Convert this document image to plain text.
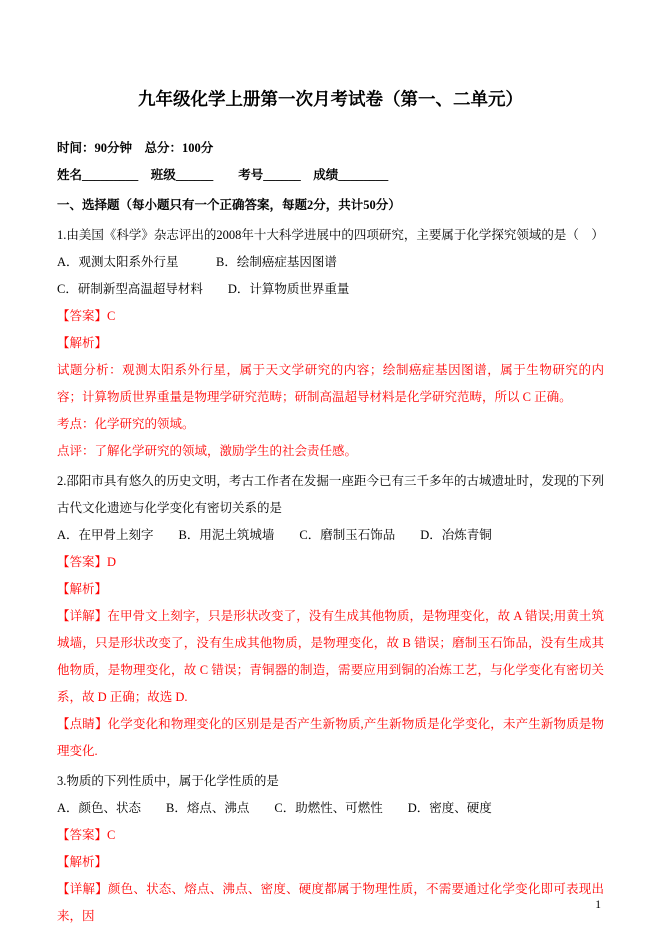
九年级化学上册第一次月考试卷（第一、二单元）

时间：90分钟　总分：100分

姓名_________　班级______　　考号______　成绩________

一、选择题（每小题只有一个正确答案，每题2分，共计50分）

1.由美国《科学》杂志评出的2008年十大科学进展中的四项研究，主要属于化学探究领域的是（　）

A．观测太阳系外行星　　　B．绘制癌症基因图谱

C．研制新型高温超导材料　　D．计算物质世界重量

【答案】C

【解析】

试题分析：观测太阳系外行星，属于天文学研究的内容；绘制癌症基因图谱，属于生物研究的内容；计算物质世界重量是物理学研究范畴；研制高温超导材料是化学研究范畴，所以 C 正确。

考点：化学研究的领域。

点评：了解化学研究的领域，激励学生的社会责任感。

2.邵阳市具有悠久的历史文明，考古工作者在发掘一座距今已有三千多年的古城遗址时，发现的下列古代文化遗迹与化学变化有密切关系的是

A．在甲骨上刻字　　B．用泥土筑城墙　　C．磨制玉石饰品　　D．冶炼青铜

【答案】D

【解析】

【详解】在甲骨文上刻字，只是形状改变了，没有生成其他物质，是物理变化，故 A 错误;用黄土筑城墙，只是形状改变了，没有生成其他物质，是物理变化，故 B 错误；磨制玉石饰品，没有生成其他物质，是物理变化，故 C 错误；青铜器的制造，需要应用到铜的冶炼工艺，与化学变化有密切关系，故 D 正确；故选 D.

【点睛】化学变化和物理变化的区别是是否产生新物质,产生新物质是化学变化，未产生新物质是物理变化.

3.物质的下列性质中，属于化学性质的是

A．颜色、状态　　B．熔点、沸点　　C．助燃性、可燃性　　D．密度、硬度

【答案】C

【解析】

【详解】颜色、状态、熔点、沸点、密度、硬度都属于物理性质，不需要通过化学变化即可表现出来，因

1
